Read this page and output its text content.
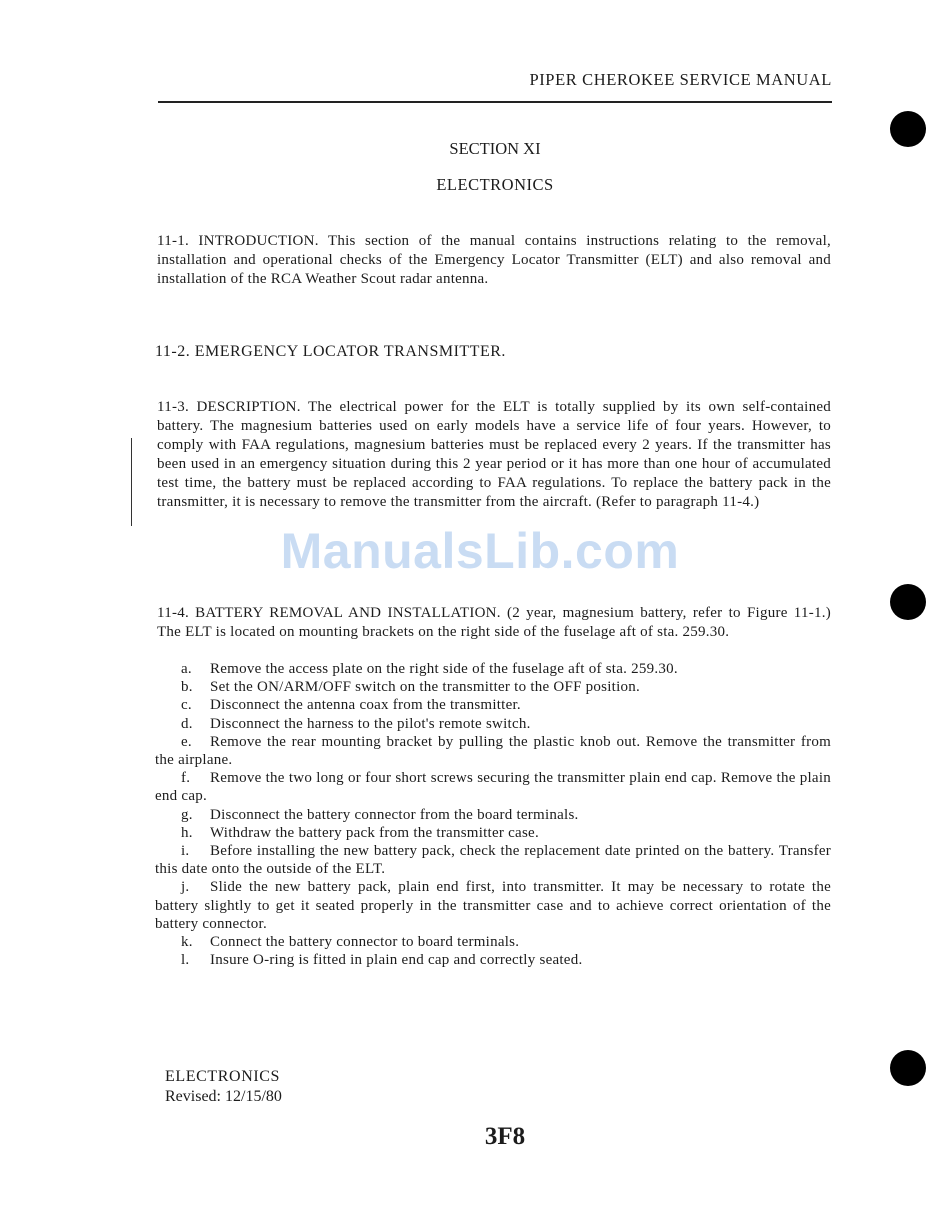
PIPER CHEROKEE SERVICE MANUAL
SECTION XI
ELECTRONICS
11-1. INTRODUCTION. This section of the manual contains instructions relating to the removal, installation and operational checks of the Emergency Locator Transmitter (ELT) and also removal and installation of the RCA Weather Scout radar antenna.
11-2. EMERGENCY LOCATOR TRANSMITTER.
11-3. DESCRIPTION. The electrical power for the ELT is totally supplied by its own self-contained battery. The magnesium batteries used on early models have a service life of four years. However, to comply with FAA regulations, magnesium batteries must be replaced every 2 years. If the transmitter has been used in an emergency situation during this 2 year period or it has more than one hour of accumulated test time, the battery must be replaced according to FAA regulations. To replace the battery pack in the transmitter, it is necessary to remove the transmitter from the aircraft. (Refer to paragraph 11-4.)
ManualsLib.com
11-4. BATTERY REMOVAL AND INSTALLATION. (2 year, magnesium battery, refer to Figure 11-1.) The ELT is located on mounting brackets on the right side of the fuselage aft of sta. 259.30.
a. Remove the access plate on the right side of the fuselage aft of sta. 259.30.
b. Set the ON/ARM/OFF switch on the transmitter to the OFF position.
c. Disconnect the antenna coax from the transmitter.
d. Disconnect the harness to the pilot's remote switch.
e. Remove the rear mounting bracket by pulling the plastic knob out. Remove the transmitter from the airplane.
f. Remove the two long or four short screws securing the transmitter plain end cap. Remove the plain end cap.
g. Disconnect the battery connector from the board terminals.
h. Withdraw the battery pack from the transmitter case.
i. Before installing the new battery pack, check the replacement date printed on the battery. Transfer this date onto the outside of the ELT.
j. Slide the new battery pack, plain end first, into transmitter. It may be necessary to rotate the battery slightly to get it seated properly in the transmitter case and to achieve correct orientation of the battery connector.
k. Connect the battery connector to board terminals.
l. Insure O-ring is fitted in plain end cap and correctly seated.
ELECTRONICS
Revised: 12/15/80
3F8
